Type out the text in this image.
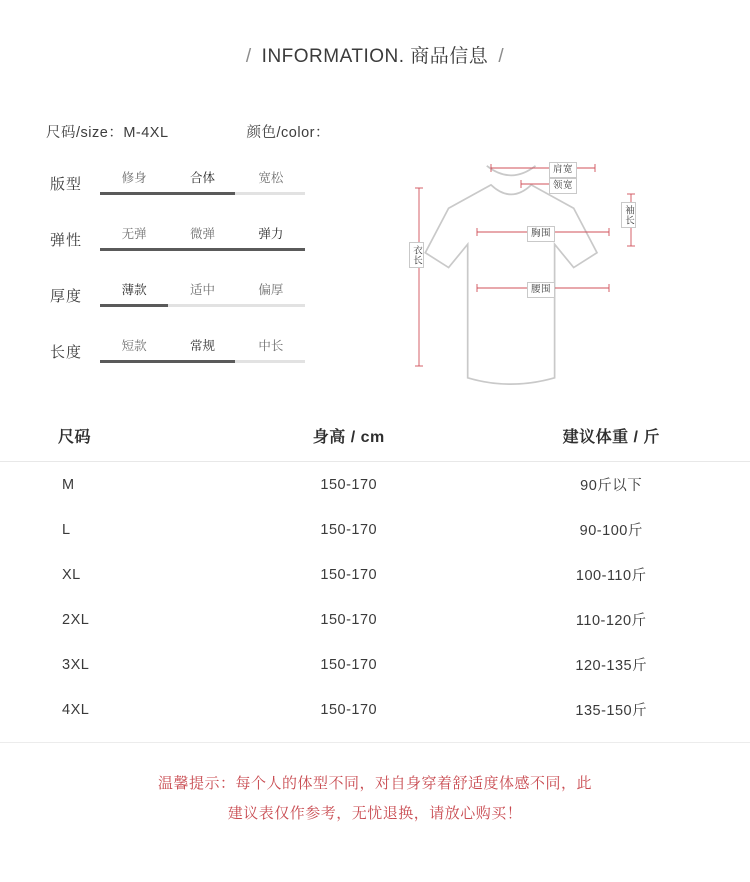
/ INFORMATION. 商品信息 /
尺码/size：M-4XL	颜色/color：
版型	修身	合体	宽松
弹性	无弹	微弹	弹力
厚度	薄款	适中	偏厚
长度	短款	常规	中长
肩宽
领宽
袖长
胸围
衣长
腰围
尺码	身高 / cm	建议体重 / 斤
M	150-170	90斤以下
L	150-170	90-100斤
XL	150-170	100-110斤
2XL	150-170	110-120斤
3XL	150-170	120-135斤
4XL	150-170	135-150斤
温馨提示：每个人的体型不同，对自身穿着舒适度体感不同，此
建议表仅作参考，无忧退换，请放心购买！
